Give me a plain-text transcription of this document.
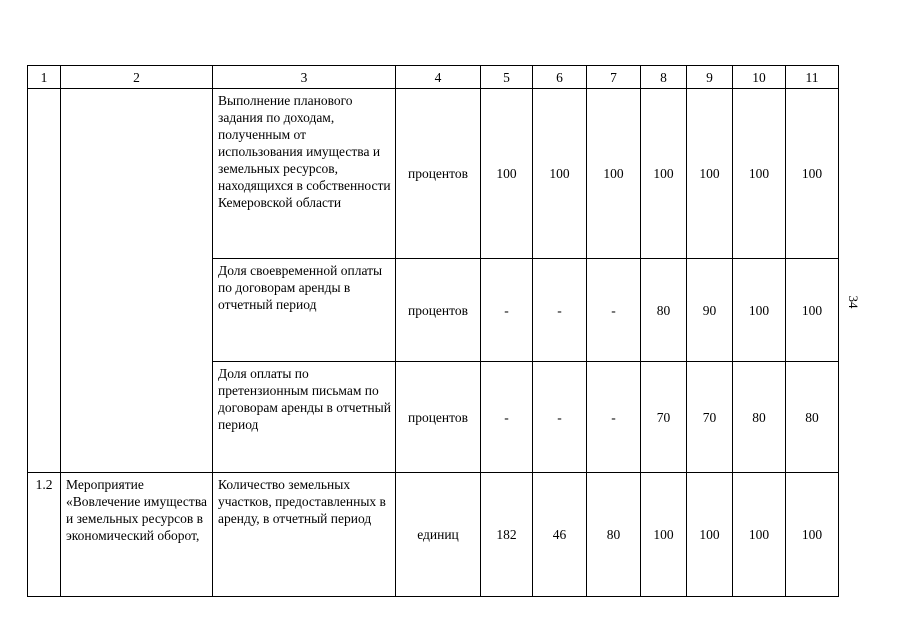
34
1	2	3	4	5	6	7	8	9	10	11
		Выполнение планового задания по доходам, полученным от использования имущества и земельных ресурсов, находящихся в собственности Кемеровской области	процентов	100	100	100	100	100	100	100
		Доля своевременной оплаты по договорам аренды в отчетный период	процентов	-	-	-	80	90	100	100
		Доля оплаты по претензионным письмам по договорам аренды в отчетный период	процентов	-	-	-	70	70	80	80
1.2	Мероприятие «Вовлечение имущества и земельных ресурсов в экономический оборот,	Количество земельных участков, предоставленных в аренду, в отчетный период	единиц	182	46	80	100	100	100	100
